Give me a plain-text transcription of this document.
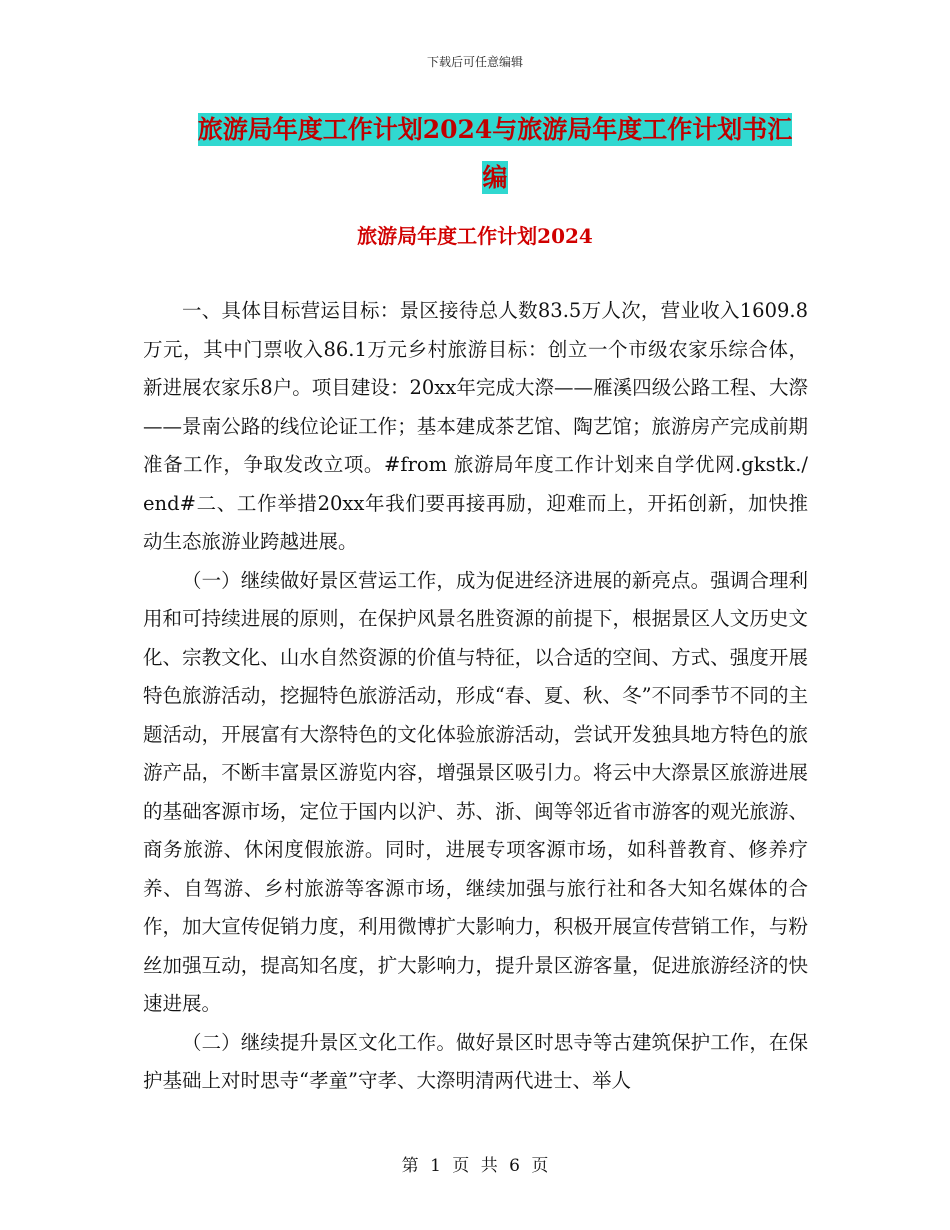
下载后可任意编辑
旅游局年度工作计划2024与旅游局年度工作计划书汇
编
旅游局年度工作计划2024

一、具体目标营运目标：景区接待总人数83.5万人次，营业收入1609.8万元，其中门票收入86.1万元乡村旅游目标：创立一个市级农家乐综合体，新进展农家乐8户。项目建设：20xx年完成大漈——雁溪四级公路工程、大漈——景南公路的线位论证工作；基本建成茶艺馆、陶艺馆；旅游房产完成前期准备工作，争取发改立项。#from 旅游局年度工作计划来自学优网.gkstk./ end#二、工作举措20xx年我们要再接再励，迎难而上，开拓创新，加快推动生态旅游业跨越进展。

（一）继续做好景区营运工作，成为促进经济进展的新亮点。强调合理利用和可持续进展的原则，在保护风景名胜资源的前提下，根据景区人文历史文化、宗教文化、山水自然资源的价值与特征，以合适的空间、方式、强度开展特色旅游活动，挖掘特色旅游活动，形成“春、夏、秋、冬”不同季节不同的主题活动，开展富有大漈特色的文化体验旅游活动，尝试开发独具地方特色的旅游产品，不断丰富景区游览内容，增强景区吸引力。将云中大漈景区旅游进展的基础客源市场，定位于国内以沪、苏、浙、闽等邻近省市游客的观光旅游、商务旅游、休闲度假旅游。同时，进展专项客源市场，如科普教育、修养疗养、自驾游、乡村旅游等客源市场，继续加强与旅行社和各大知名媒体的合作，加大宣传促销力度，利用微博扩大影响力，积极开展宣传营销工作，与粉丝加强互动，提高知名度，扩大影响力，提升景区游客量，促进旅游经济的快速进展。

（二）继续提升景区文化工作。做好景区时思寺等古建筑保护工作，在保护基础上对时思寺“孝童”守孝、大漈明清两代进士、举人

第 1 页 共 6 页
